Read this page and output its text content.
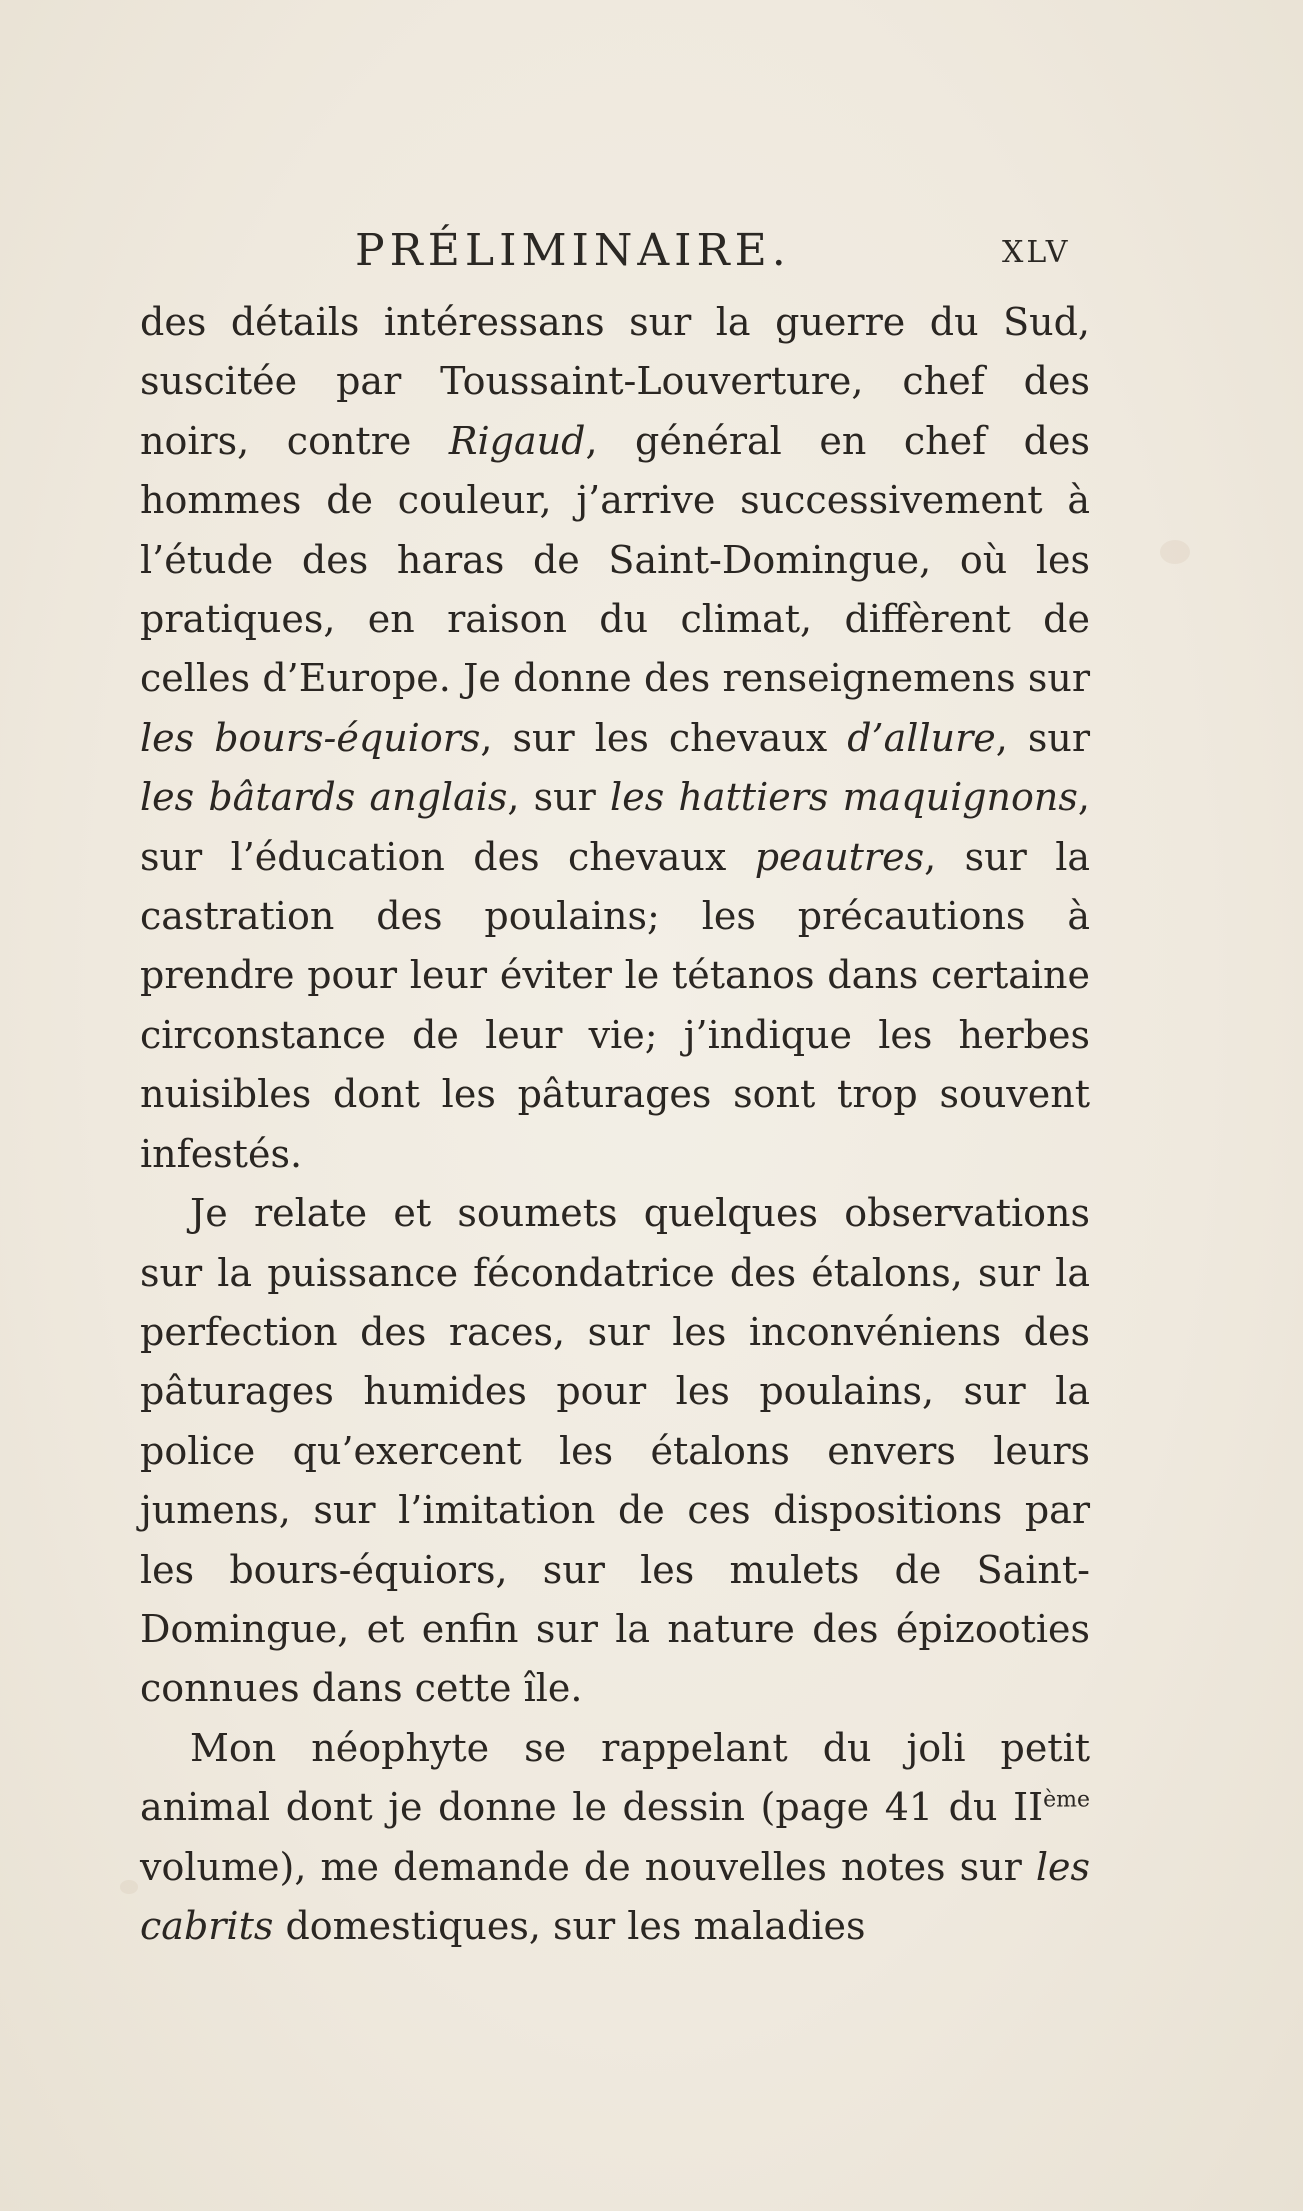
PRÉLIMINAIRE.	XLV

des détails intéressans sur la guerre du Sud, suscitée par Toussaint-Louverture, chef des noirs, contre Rigaud, général en chef des hommes de couleur, j’arrive successivement à l’étude des haras de Saint-Domingue, où les pratiques, en raison du climat, diffèrent de celles d’Europe. Je donne des renseignemens sur les bours-équiors, sur les chevaux d’allure, sur les bâtards anglais, sur les hattiers maquignons, sur l’éducation des chevaux peautres, sur la castration des poulains; les précautions à prendre pour leur éviter le tétanos dans certaine circonstance de leur vie; j’indique les herbes nuisibles dont les pâturages sont trop souvent infestés.

Je relate et soumets quelques observations sur la puissance fécondatrice des étalons, sur la perfection des races, sur les inconvéniens des pâturages humides pour les poulains, sur la police qu’exercent les étalons envers leurs jumens, sur l’imitation de ces dispositions par les bours-équiors, sur les mulets de Saint-Domingue, et enfin sur la nature des épizooties connues dans cette île.

Mon néophyte se rappelant du joli petit animal dont je donne le dessin (page 41 du IIème volume), me demande de nouvelles notes sur les cabrits domestiques, sur les maladies
